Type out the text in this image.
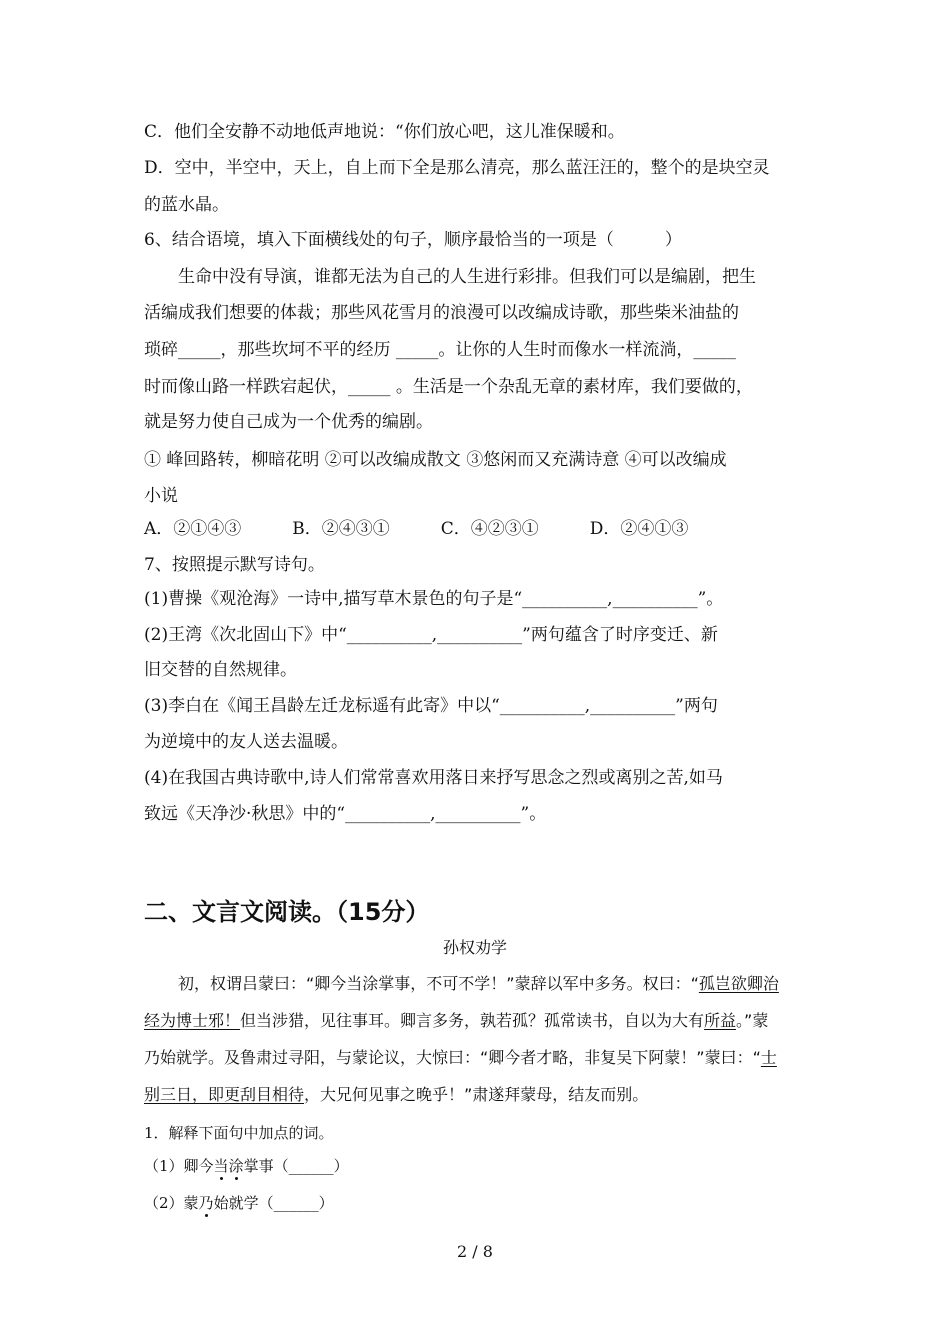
C．他们全安静不动地低声地说：“你们放心吧，这儿准保暖和。
D．空中，半空中，天上，自上而下全是那么清亮，那么蓝汪汪的，整个的是块空灵
的蓝水晶。
6、结合语境，填入下面横线处的句子，顺序最恰当的一项是（　　　）
生命中没有导演，谁都无法为自己的人生进行彩排。但我们可以是编剧，把生
活编成我们想要的体裁；那些风花雪月的浪漫可以改编成诗歌，那些柴米油盐的
琐碎_____，那些坎坷不平的经历 _____。让你的人生时而像水一样流淌，_____
时而像山路一样跌宕起伏，_____ 。生活是一个杂乱无章的素材库，我们要做的，
就是努力使自己成为一个优秀的编剧。
① 峰回路转，柳暗花明 ②可以改编成散文 ③悠闲而又充满诗意 ④可以改编成
小说
A．②①④③　　　B．②④③①　　　C．④②③①　　　D．②④①③
7、按照提示默写诗句。
(1)曹操《观沧海》一诗中,描写草木景色的句子是“__________,__________”。
(2)王湾《次北固山下》中“__________,__________”两句蕴含了时序变迁、新
旧交替的自然规律。
(3)李白在《闻王昌龄左迁龙标遥有此寄》中以“__________,__________”两句
为逆境中的友人送去温暖。
(4)在我国古典诗歌中,诗人们常常喜欢用落日来抒写思念之烈或离别之苦,如马
致远《天净沙·秋思》中的“__________,__________”。
二、文言文阅读。（15分）
孙权劝学
初，权谓吕蒙曰：“卿今当涂掌事，不可不学！”蒙辞以军中多务。权曰：“孤岂欲卿治
经为博士邪！但当涉猎，见往事耳。卿言多务，孰若孤？孤常读书，自以为大有所益。”蒙
乃始就学。及鲁肃过寻阳，与蒙论议，大惊曰：“卿今者才略，非复吴下阿蒙！”蒙曰：“士
别三日，即更刮目相待，大兄何见事之晚乎！”肃遂拜蒙母，结友而别。
1．解释下面句中加点的词。
（1）卿今当涂掌事（______）
（2）蒙乃始就学（______）
2 / 8
